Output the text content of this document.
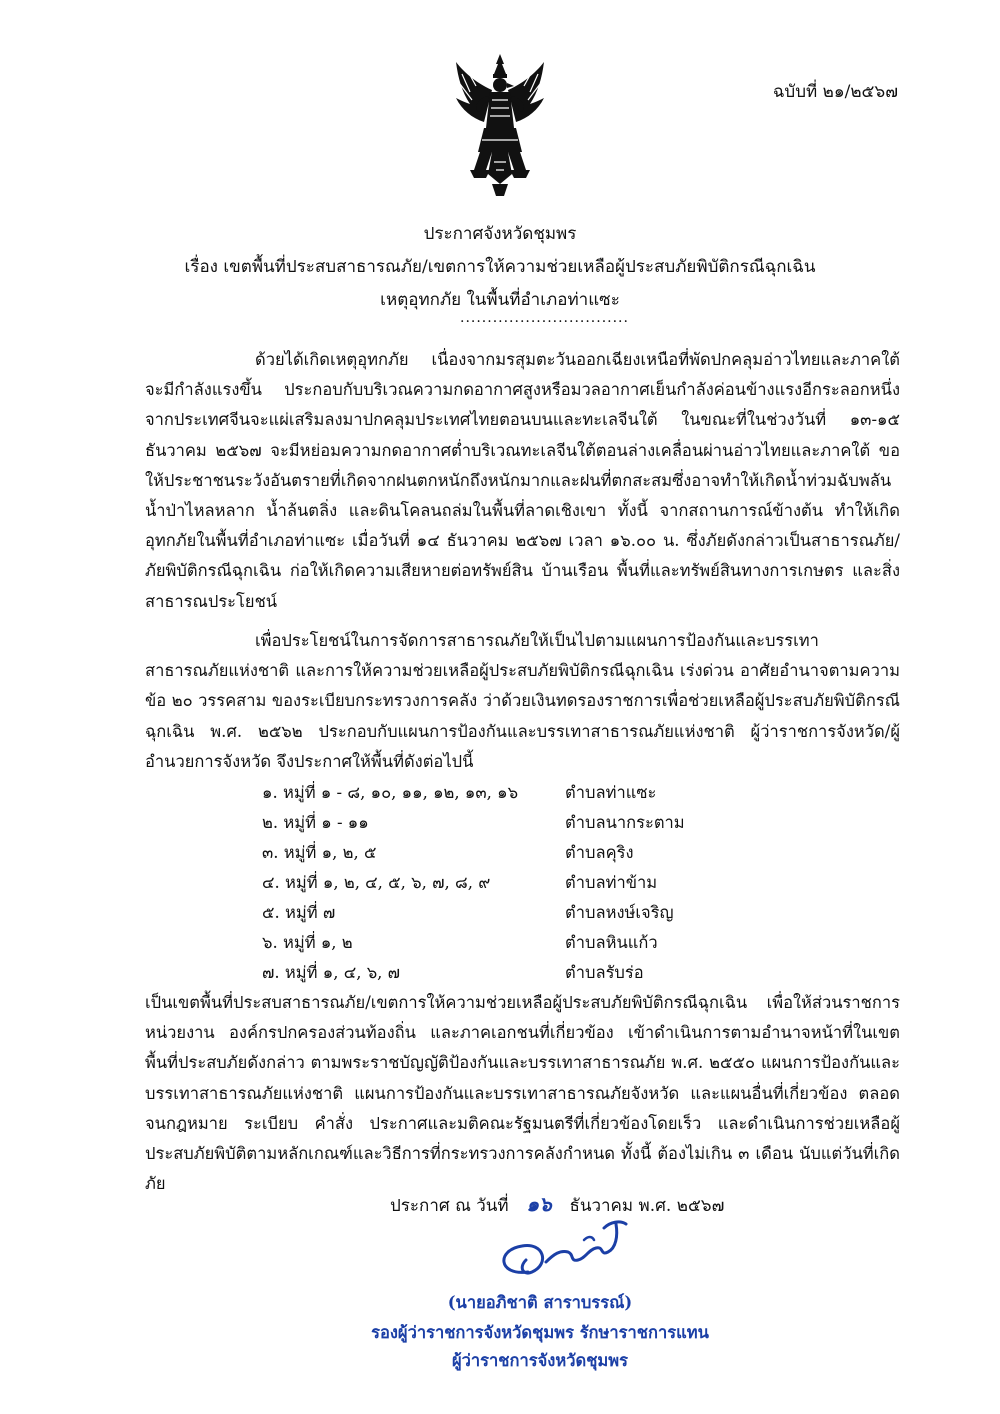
ฉบับที่ ๒๑/๒๕๖๗
ประกาศจังหวัดชุมพร
เรื่อง เขตพื้นที่ประสบสาธารณภัย/เขตการให้ความช่วยเหลือผู้ประสบภัยพิบัติกรณีฉุกเฉิน
เหตุอุทกภัย ในพื้นที่อำเภอท่าแซะ
...............................
ด้วยได้เกิดเหตุอุทกภัย เนื่องจากมรสุมตะวันออกเฉียงเหนือที่พัดปกคลุมอ่าวไทยและภาคใต้จะมีกำลังแรงขึ้น ประกอบกับบริเวณความกดอากาศสูงหรือมวลอากาศเย็นกำลังค่อนข้างแรงอีกระลอกหนึ่งจากประเทศจีนจะแผ่เสริมลงมาปกคลุมประเทศไทยตอนบนและทะเลจีนใต้ ในขณะที่ในช่วงวันที่ ๑๓-๑๕ ธันวาคม ๒๕๖๗ จะมีหย่อมความกดอากาศต่ำบริเวณทะเลจีนใต้ตอนล่างเคลื่อนผ่านอ่าวไทยและภาคใต้ ขอให้ประชาชนระวังอันตรายที่เกิดจากฝนตกหนักถึงหนักมากและฝนที่ตกสะสมซึ่งอาจทำให้เกิดน้ำท่วมฉับพลัน น้ำป่าไหลหลาก น้ำล้นตลิ่ง และดินโคลนถล่มในพื้นที่ลาดเชิงเขา ทั้งนี้ จากสถานการณ์ข้างต้น ทำให้เกิดอุทกภัยในพื้นที่อำเภอท่าแซะ เมื่อวันที่ ๑๔ ธันวาคม ๒๕๖๗ เวลา ๑๖.๐๐ น. ซึ่งภัยดังกล่าวเป็นสาธารณภัย/ภัยพิบัติกรณีฉุกเฉิน ก่อให้เกิดความเสียหายต่อทรัพย์สิน บ้านเรือน พื้นที่และทรัพย์สินทางการเกษตร และสิ่งสาธารณประโยชน์
เพื่อประโยชน์ในการจัดการสาธารณภัยให้เป็นไปตามแผนการป้องกันและบรรเทาสาธารณภัยแห่งชาติ และการให้ความช่วยเหลือผู้ประสบภัยพิบัติกรณีฉุกเฉิน เร่งด่วน อาศัยอำนาจตามความ ข้อ ๒๐ วรรคสาม ของระเบียบกระทรวงการคลัง ว่าด้วยเงินทดรองราชการเพื่อช่วยเหลือผู้ประสบภัยพิบัติกรณีฉุกเฉิน พ.ศ. ๒๕๖๒ ประกอบกับแผนการป้องกันและบรรเทาสาธารณภัยแห่งชาติ ผู้ว่าราชการจังหวัด/ผู้อำนวยการจังหวัด จึงประกาศให้พื้นที่ดังต่อไปนี้
๑. หมู่ที่ ๑ - ๘, ๑๐, ๑๑, ๑๒, ๑๓, ๑๖	ตำบลท่าแซะ
๒. หมู่ที่ ๑ - ๑๑	ตำบลนากระตาม
๓. หมู่ที่ ๑, ๒, ๕	ตำบลคุริง
๔. หมู่ที่ ๑, ๒, ๔, ๕, ๖, ๗, ๘, ๙	ตำบลท่าข้าม
๕. หมู่ที่ ๗	ตำบลหงษ์เจริญ
๖. หมู่ที่ ๑, ๒	ตำบลหินแก้ว
๗. หมู่ที่ ๑, ๔, ๖, ๗	ตำบลรับร่อ
เป็นเขตพื้นที่ประสบสาธารณภัย/เขตการให้ความช่วยเหลือผู้ประสบภัยพิบัติกรณีฉุกเฉิน เพื่อให้ส่วนราชการ หน่วยงาน องค์กรปกครองส่วนท้องถิ่น และภาคเอกชนที่เกี่ยวข้อง เข้าดำเนินการตามอำนาจหน้าที่ในเขตพื้นที่ประสบภัยดังกล่าว ตามพระราชบัญญัติป้องกันและบรรเทาสาธารณภัย พ.ศ. ๒๕๕๐ แผนการป้องกันและบรรเทาสาธารณภัยแห่งชาติ แผนการป้องกันและบรรเทาสาธารณภัยจังหวัด และแผนอื่นที่เกี่ยวข้อง ตลอดจนกฎหมาย ระเบียบ คำสั่ง ประกาศและมติคณะรัฐมนตรีที่เกี่ยวข้องโดยเร็ว และดำเนินการช่วยเหลือผู้ประสบภัยพิบัติตามหลักเกณฑ์และวิธีการที่กระทรวงการคลังกำหนด ทั้งนี้ ต้องไม่เกิน ๓ เดือน นับแต่วันที่เกิดภัย
ประกาศ ณ วันที่ ๑๖ ธันวาคม พ.ศ. ๒๕๖๗
(นายอภิชาติ สาราบรรณ์)
รองผู้ว่าราชการจังหวัดชุมพร รักษาราชการแทน
ผู้ว่าราชการจังหวัดชุมพร
